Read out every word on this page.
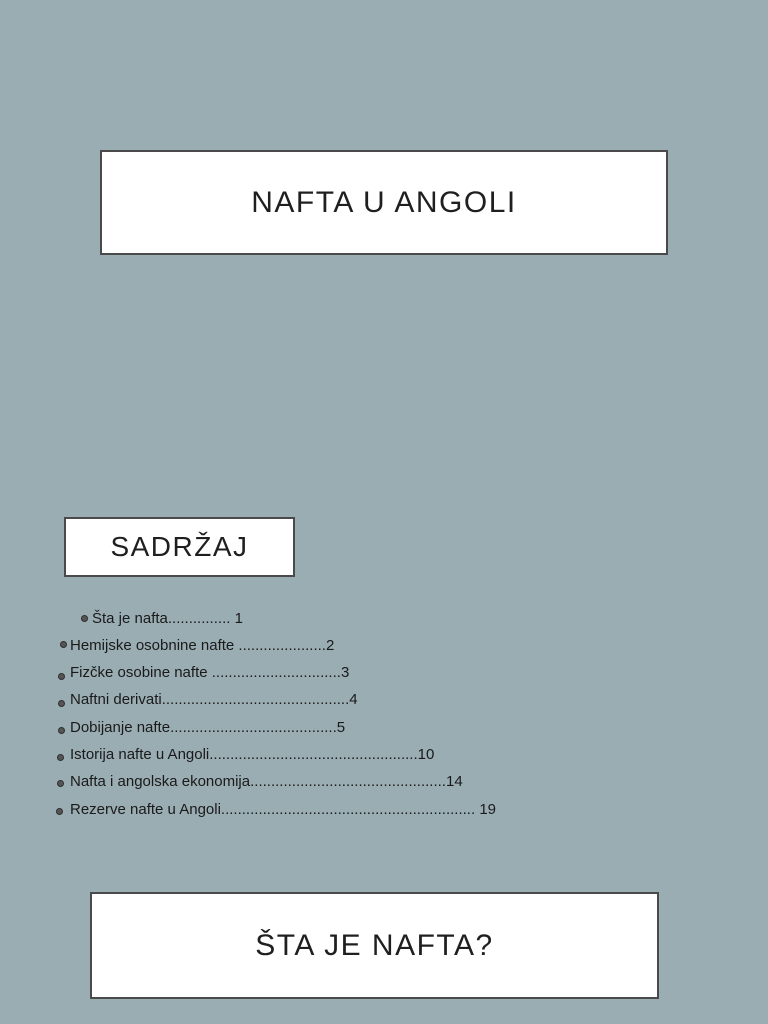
NAFTA U ANGOLI
SADRŽAJ
Šta je nafta............... 1
Hemijske osobnine nafte .....................2
Fizčke osobine nafte ...............................3
Naftni derivati.............................................4
Dobijanje nafte........................................5
Istorija nafte u Angoli..................................................10
Nafta i angolska ekonomija...............................................14
Rezerve nafte u Angoli............................................................. 19
ŠTA JE NAFTA?
